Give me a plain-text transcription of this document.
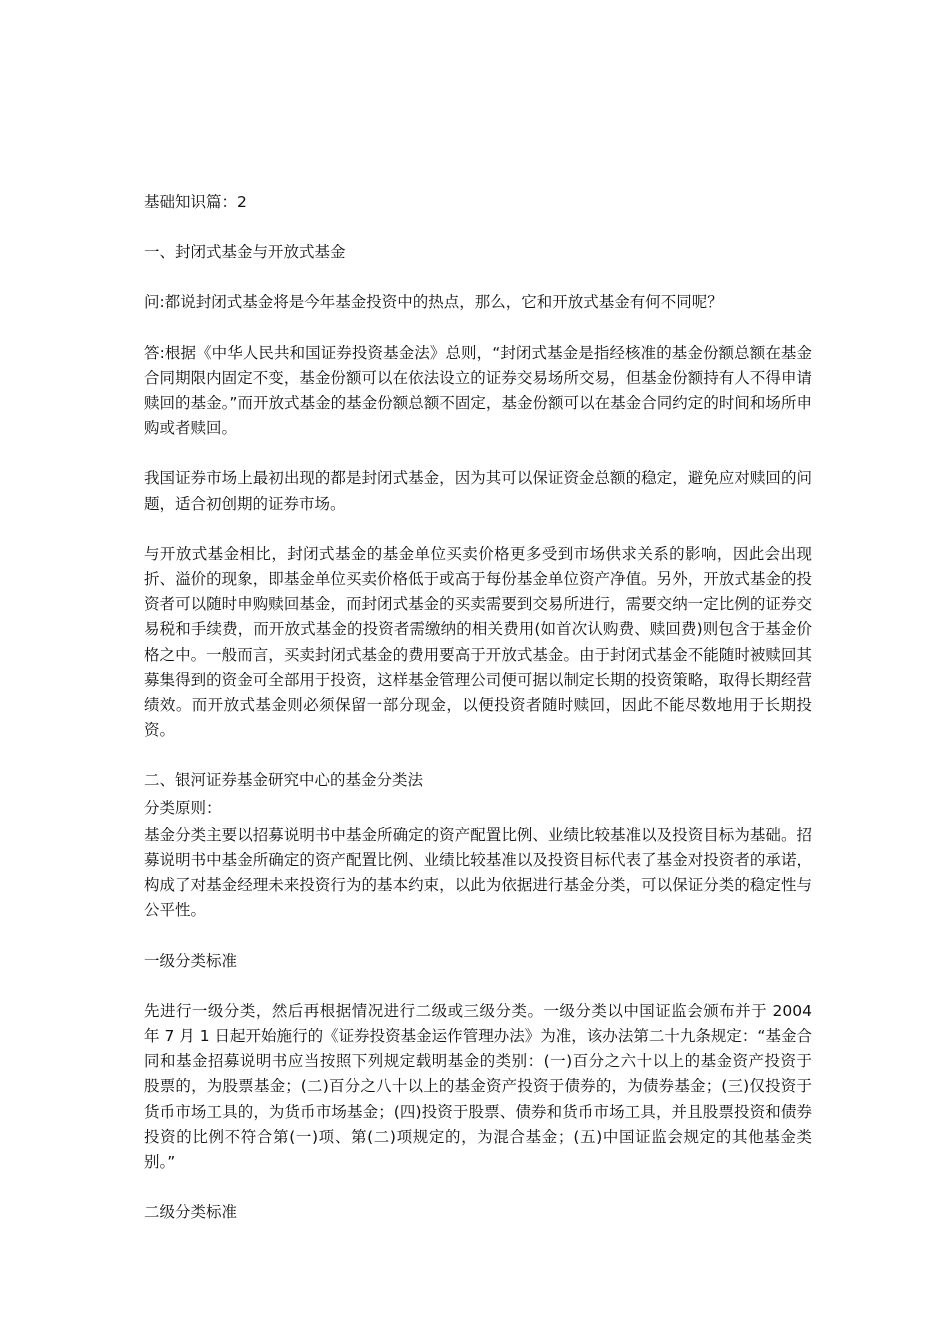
基础知识篇：2

一、封闭式基金与开放式基金

问:都说封闭式基金将是今年基金投资中的热点，那么，它和开放式基金有何不同呢？

答:根据《中华人民共和国证券投资基金法》总则，“封闭式基金是指经核准的基金份额总额在基金合同期限内固定不变，基金份额可以在依法设立的证券交易场所交易，但基金份额持有人不得申请赎回的基金。”而开放式基金的基金份额总额不固定，基金份额可以在基金合同约定的时间和场所申购或者赎回。

我国证券市场上最初出现的都是封闭式基金，因为其可以保证资金总额的稳定，避免应对赎回的问题，适合初创期的证券市场。

与开放式基金相比，封闭式基金的基金单位买卖价格更多受到市场供求关系的影响，因此会出现折、溢价的现象，即基金单位买卖价格低于或高于每份基金单位资产净值。另外，开放式基金的投资者可以随时申购赎回基金，而封闭式基金的买卖需要到交易所进行，需要交纳一定比例的证券交易税和手续费，而开放式基金的投资者需缴纳的相关费用(如首次认购费、赎回费)则包含于基金价格之中。一般而言，买卖封闭式基金的费用要高于开放式基金。由于封闭式基金不能随时被赎回其募集得到的资金可全部用于投资，这样基金管理公司便可据以制定长期的投资策略，取得长期经营绩效。而开放式基金则必须保留一部分现金，以便投资者随时赎回，因此不能尽数地用于长期投资。

二、银河证券基金研究中心的基金分类法

分类原则：

基金分类主要以招募说明书中基金所确定的资产配置比例、业绩比较基准以及投资目标为基础。招募说明书中基金所确定的资产配置比例、业绩比较基准以及投资目标代表了基金对投资者的承诺，构成了对基金经理未来投资行为的基本约束，以此为依据进行基金分类，可以保证分类的稳定性与公平性。

一级分类标准

先进行一级分类，然后再根据情况进行二级或三级分类。一级分类以中国证监会颁布并于 2004 年 7 月 1 日起开始施行的《证券投资基金运作管理办法》为准，该办法第二十九条规定：“基金合同和基金招募说明书应当按照下列规定载明基金的类别：(一)百分之六十以上的基金资产投资于 股票的，为股票基金；(二)百分之八十以上的基金资产投资于债券的，为债券基金；(三)仅投资于货币市场工具的，为货币市场基金；(四)投资于股票、债券和货币市场工具，并且股票投资和债券投资的比例不符合第(一)项、第(二)项规定的，为混合基金；(五)中国证监会规定的其他基金类别。”

二级分类标准
